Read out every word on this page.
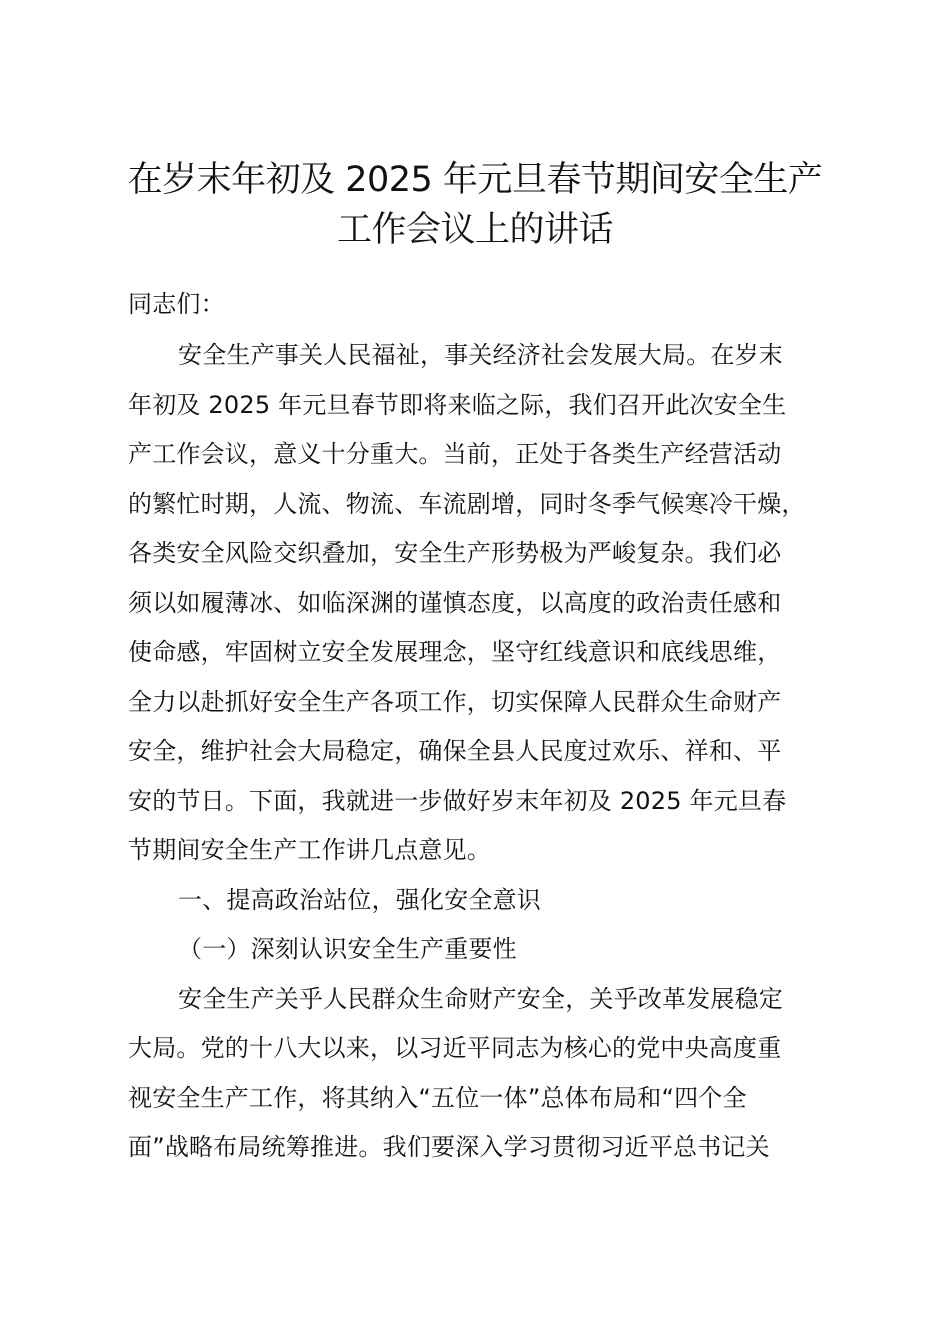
在岁末年初及 2025 年元旦春节期间安全生产
工作会议上的讲话
同志们：
安全生产事关人民福祉，事关经济社会发展大局。在岁末
年初及 2025 年元旦春节即将来临之际，我们召开此次安全生
产工作会议，意义十分重大。当前，正处于各类生产经营活动
的繁忙时期，人流、物流、车流剧增，同时冬季气候寒冷干燥，
各类安全风险交织叠加，安全生产形势极为严峻复杂。我们必
须以如履薄冰、如临深渊的谨慎态度，以高度的政治责任感和
使命感，牢固树立安全发展理念，坚守红线意识和底线思维，
全力以赴抓好安全生产各项工作，切实保障人民群众生命财产
安全，维护社会大局稳定，确保全县人民度过欢乐、祥和、平
安的节日。下面，我就进一步做好岁末年初及 2025 年元旦春
节期间安全生产工作讲几点意见。
一、提高政治站位，强化安全意识
（一）深刻认识安全生产重要性
安全生产关乎人民群众生命财产安全，关乎改革发展稳定
大局。党的十八大以来，以习近平同志为核心的党中央高度重
视安全生产工作，将其纳入“五位一体”总体布局和“四个全
面”战略布局统筹推进。我们要深入学习贯彻习近平总书记关
